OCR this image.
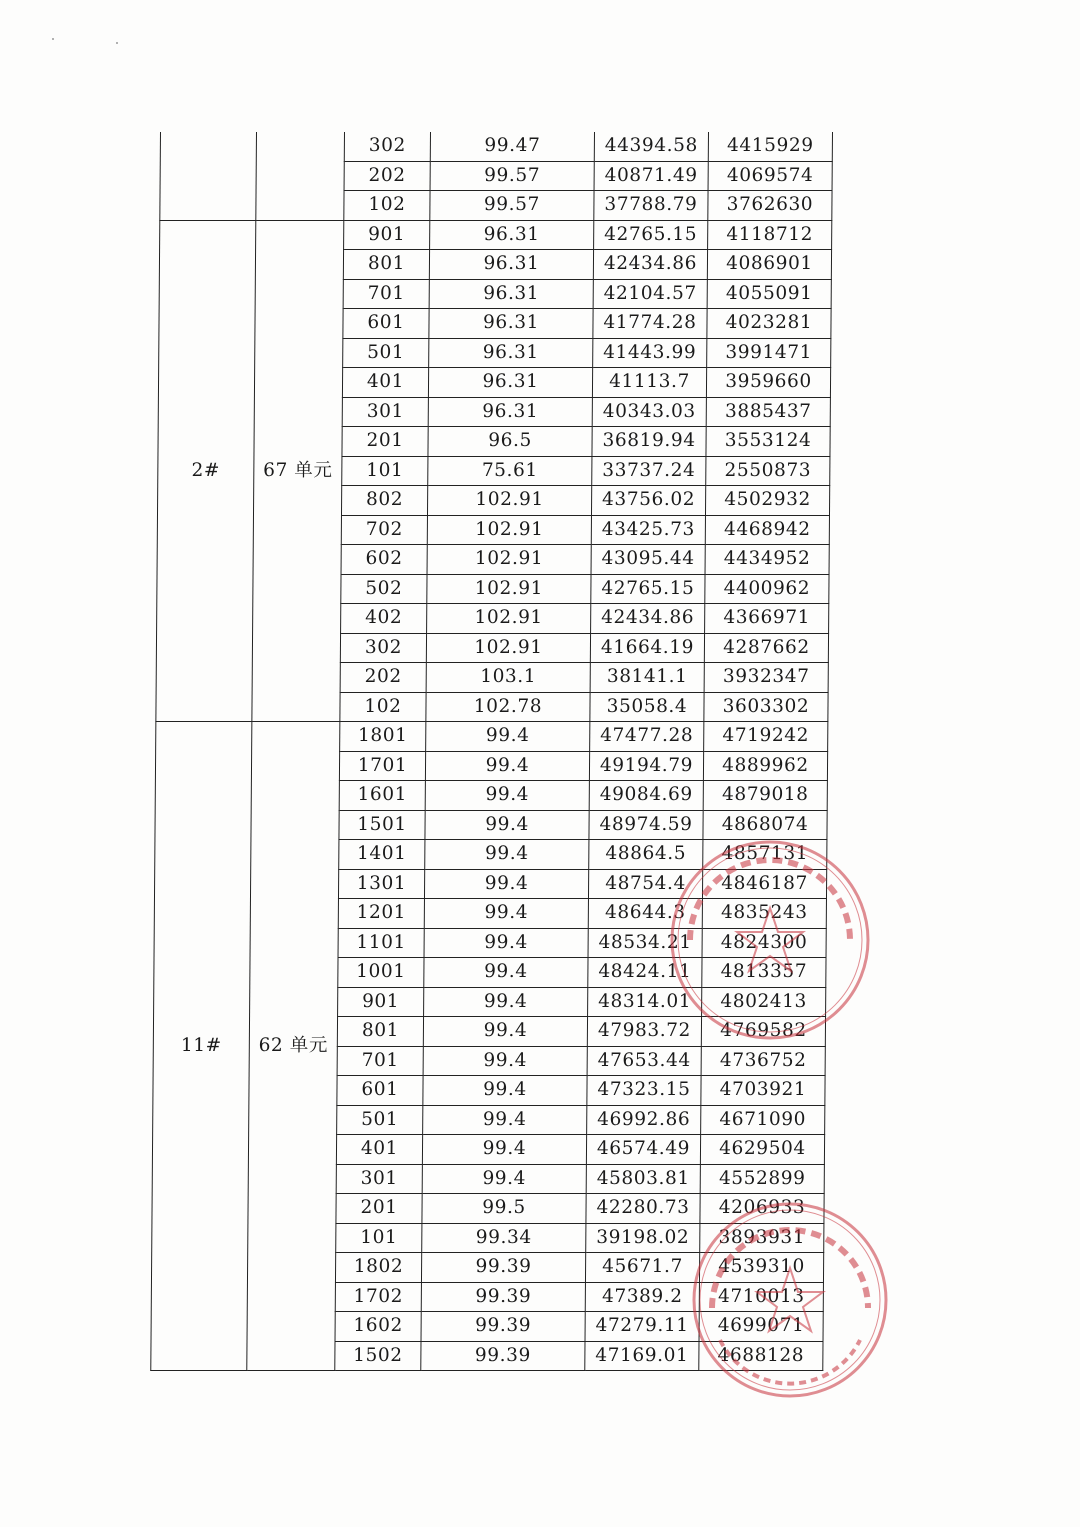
		302	99.47	44394.58	4415929
		202	99.57	40871.49	4069574
		102	99.57	37788.79	3762630
2#	67 单元	901	96.31	42765.15	4118712
		801	96.31	42434.86	4086901
		701	96.31	42104.57	4055091
		601	96.31	41774.28	4023281
		501	96.31	41443.99	3991471
		401	96.31	41113.7	3959660
		301	96.31	40343.03	3885437
		201	96.5	36819.94	3553124
		101	75.61	33737.24	2550873
		802	102.91	43756.02	4502932
		702	102.91	43425.73	4468942
		602	102.91	43095.44	4434952
		502	102.91	42765.15	4400962
		402	102.91	42434.86	4366971
		302	102.91	41664.19	4287662
		202	103.1	38141.1	3932347
		102	102.78	35058.4	3603302
11#	62 单元	1801	99.4	47477.28	4719242
		1701	99.4	49194.79	4889962
		1601	99.4	49084.69	4879018
		1501	99.4	48974.59	4868074
		1401	99.4	48864.5	4857131
		1301	99.4	48754.4	4846187
		1201	99.4	48644.3	4835243
		1101	99.4	48534.21	4824300
		1001	99.4	48424.11	4813357
		901	99.4	48314.01	4802413
		801	99.4	47983.72	4769582
		701	99.4	47653.44	4736752
		601	99.4	47323.15	4703921
		501	99.4	46992.86	4671090
		401	99.4	46574.49	4629504
		301	99.4	45803.81	4552899
		201	99.5	42280.73	4206933
		101	99.34	39198.02	3893931
		1802	99.39	45671.7	4539310
		1702	99.39	47389.2	4710013
		1602	99.39	47279.11	4699071
		1502	99.39	47169.01	4688128
